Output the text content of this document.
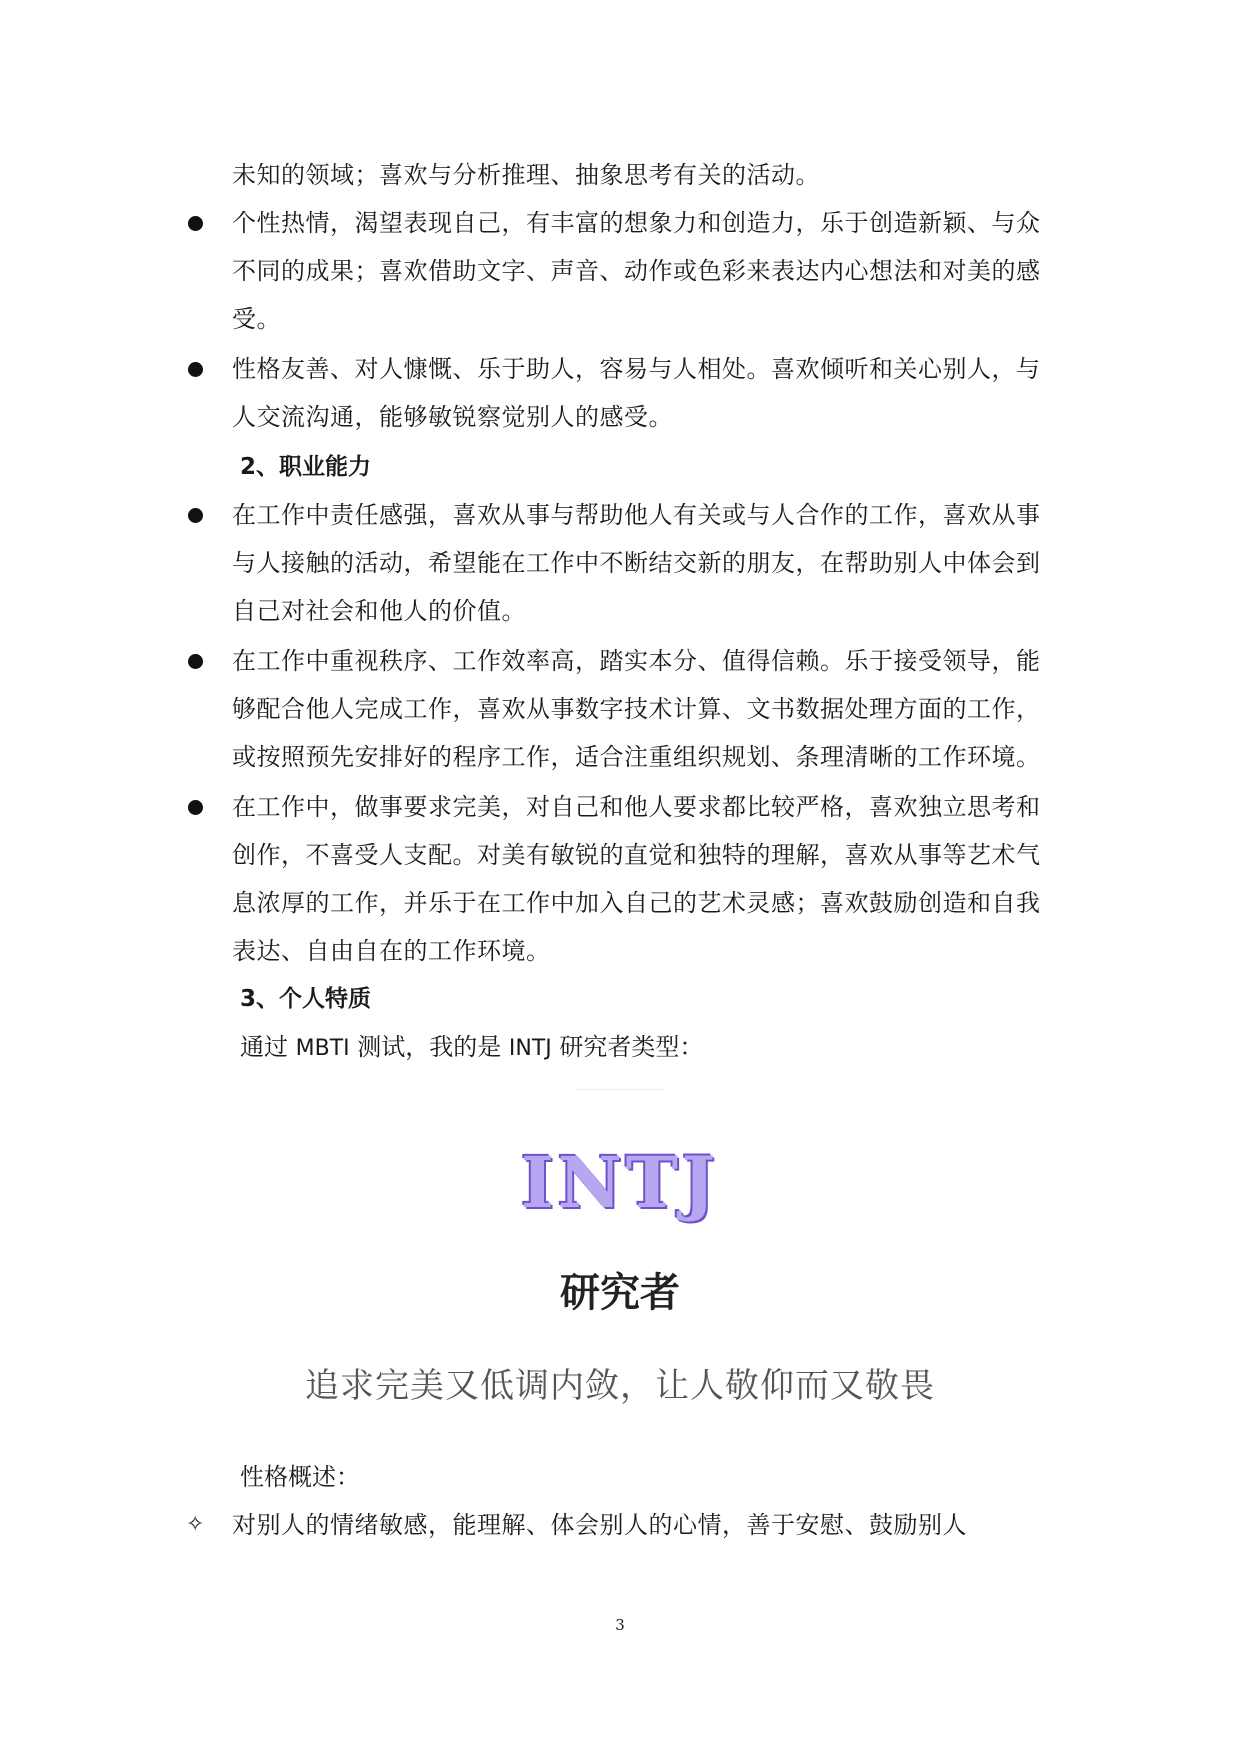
未知的领域；喜欢与分析推理、抽象思考有关的活动。
个性热情，渴望表现自己，有丰富的想象力和创造力，乐于创造新颖、与众
不同的成果；喜欢借助文字、声音、动作或色彩来表达内心想法和对美的感
受。
性格友善、对人慷慨、乐于助人，容易与人相处。喜欢倾听和关心别人，与
人交流沟通，能够敏锐察觉别人的感受。
2、职业能力
在工作中责任感强，喜欢从事与帮助他人有关或与人合作的工作，喜欢从事
与人接触的活动，希望能在工作中不断结交新的朋友，在帮助别人中体会到
自己对社会和他人的价值。
在工作中重视秩序、工作效率高，踏实本分、值得信赖。乐于接受领导，能
够配合他人完成工作，喜欢从事数字技术计算、文书数据处理方面的工作，
或按照预先安排好的程序工作，适合注重组织规划、条理清晰的工作环境。
在工作中，做事要求完美，对自己和他人要求都比较严格，喜欢独立思考和
创作，不喜受人支配。对美有敏锐的直觉和独特的理解，喜欢从事等艺术气
息浓厚的工作，并乐于在工作中加入自己的艺术灵感；喜欢鼓励创造和自我
表达、自由自在的工作环境。
3、个人特质
通过 MBTI 测试，我的是 INTJ 研究者类型：
INTJ
研究者
追求完美又低调内敛，让人敬仰而又敬畏
性格概述：
✧ 对别人的情绪敏感，能理解、体会别人的心情，善于安慰、鼓励别人
3
